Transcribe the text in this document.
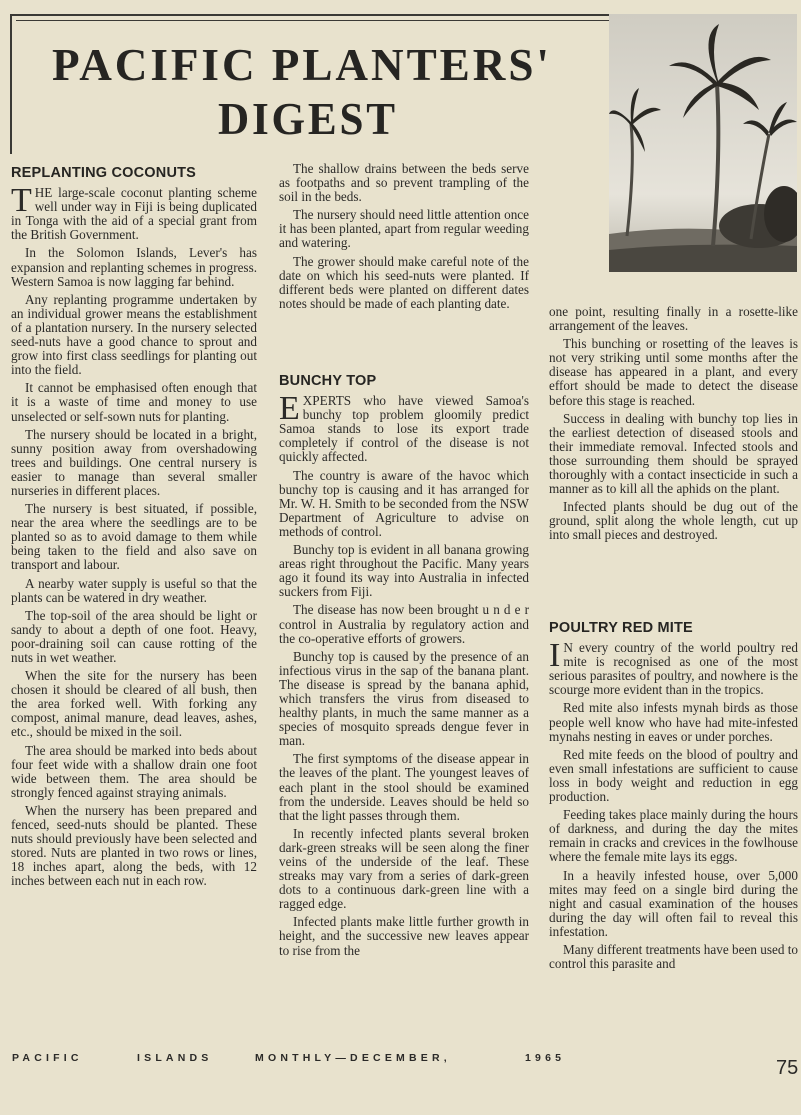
PACIFIC PLANTERS'
DIGEST
REPLANTING COCONUTS

THE large-scale coconut planting scheme well under way in Fiji is being duplicated in Tonga with the aid of a special grant from the British Government.

In the Solomon Islands, Lever's has expansion and replanting schemes in progress. Western Samoa is now lagging far behind.

Any replanting programme undertaken by an individual grower means the establishment of a plantation nursery. In the nursery selected seed-nuts have a good chance to sprout and grow into first class seedlings for planting out into the field.

It cannot be emphasised often enough that it is a waste of time and money to use unselected or self-sown nuts for planting.

The nursery should be located in a bright, sunny position away from overshadowing trees and buildings. One central nursery is easier to manage than several smaller nurseries in different places.

The nursery is best situated, if possible, near the area where the seedlings are to be planted so as to avoid damage to them while being taken to the field and also save on transport and labour.

A nearby water supply is useful so that the plants can be watered in dry weather.

The top-soil of the area should be light or sandy to about a depth of one foot. Heavy, poor-draining soil can cause rotting of the nuts in wet weather.

When the site for the nursery has been chosen it should be cleared of all bush, then the area forked well. With forking any compost, animal manure, dead leaves, ashes, etc., should be mixed in the soil.

The area should be marked into beds about four feet wide with a shallow drain one foot wide between them. The area should be strongly fenced against straying animals.

When the nursery has been prepared and fenced, seed-nuts should be planted. These nuts should previously have been selected and stored. Nuts are planted in two rows or lines, 18 inches apart, along the beds, with 12 inches between each nut in each row.

The shallow drains between the beds serve as footpaths and so prevent trampling of the soil in the beds.

The nursery should need little attention once it has been planted, apart from regular weeding and watering.

The grower should make careful note of the date on which his seed-nuts were planted. If different beds were planted on different dates notes should be made of each planting date.

BUNCHY TOP

EXPERTS who have viewed Samoa's bunchy top problem gloomily predict Samoa stands to lose its export trade completely if control of the disease is not quickly affected.

The country is aware of the havoc which bunchy top is causing and it has arranged for Mr. W. H. Smith to be seconded from the NSW Department of Agriculture to advise on methods of control.

Bunchy top is evident in all banana growing areas right throughout the Pacific. Many years ago it found its way into Australia in infected suckers from Fiji.

The disease has now been brought u n d e r control in Australia by regulatory action and the co-operative efforts of growers.

Bunchy top is caused by the presence of an infectious virus in the sap of the banana plant. The disease is spread by the banana aphid, which transfers the virus from diseased to healthy plants, in much the same manner as a species of mosquito spreads dengue fever in man.

The first symptoms of the disease appear in the leaves of the plant. The youngest leaves of each plant in the stool should be examined from the underside. Leaves should be held so that the light passes through them.

In recently infected plants several broken dark-green streaks will be seen along the finer veins of the underside of the leaf. These streaks may vary from a series of dark-green dots to a continuous dark-green line with a ragged edge.

Infected plants make little further growth in height, and the successive new leaves appear to rise from the

one point, resulting finally in a rosette-like arrangement of the leaves.

This bunching or rosetting of the leaves is not very striking until some months after the disease has appeared in a plant, and every effort should be made to detect the disease before this stage is reached.

Success in dealing with bunchy top lies in the earliest detection of diseased stools and their immediate removal. Infected stools and those surrounding them should be sprayed thoroughly with a contact insecticide in such a manner as to kill all the aphids on the plant.

Infected plants should be dug out of the ground, split along the whole length, cut up into small pieces and destroyed.

POULTRY RED MITE

I N every country of the world poultry red mite is recognised as one of the most serious parasites of poultry, and nowhere is the scourge more evident than in the tropics.

Red mite also infests mynah birds as those people well know who have had mite-infested mynahs nesting in eaves or under porches.

Red mite feeds on the blood of poultry and even small infestations are sufficient to cause loss in body weight and reduction in egg production.

Feeding takes place mainly during the hours of darkness, and during the day the mites remain in cracks and crevices in the fowlhouse where the female mite lays its eggs.

In a heavily infested house, over 5,000 mites may feed on a single bird during the night and casual examination of the houses during the day will often fail to reveal this infestation.

Many different treatments have been used to control this parasite and

PACIFIC	ISLANDS	MONTHLY—DECEMBER,	1965	75
